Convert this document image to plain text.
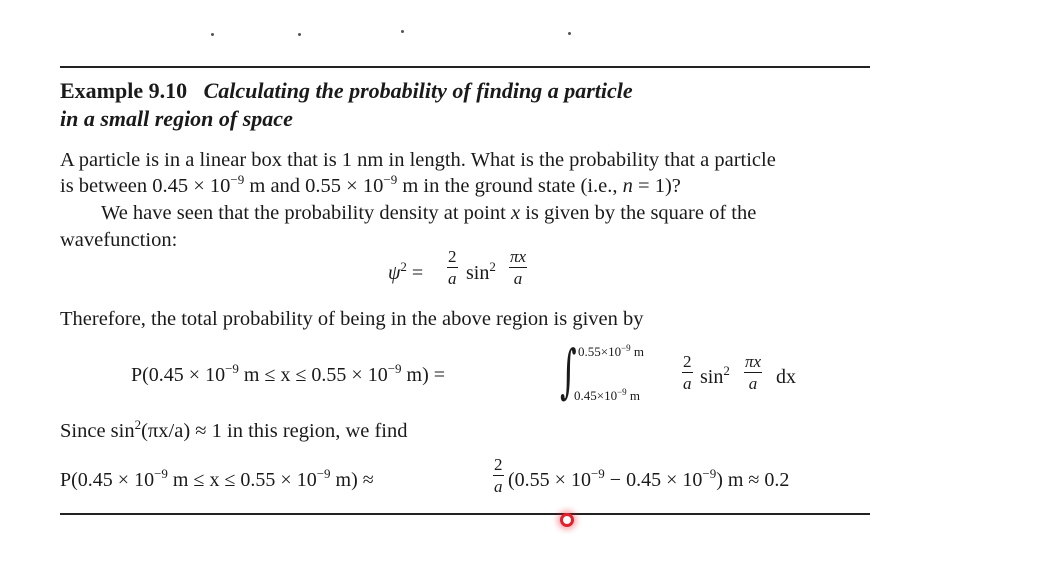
Example 9.10 Calculating the probability of finding a particle
in a small region of space
A particle is in a linear box that is 1 nm in length. What is the probability that a particle
is between $0.45 \times 10^{-9}$ m and $0.55 \times 10^{-9}$ m in the ground state (i.e., n = 1)?
We have seen that the probability density at point x is given by the square of the
wavefunction:
$\psi^2$ =
2
a $\sin^2$
πx
a
Therefore, the total probability of being in the above region is given by
$P(0.45 \times 10^{-9}$ $m \le x \le 0.55 \times 10^{-9}$ m) = ∫ $0.55\times 10^{-9}$ m
$0.45\times 10^{-9}$ m
2
a $\sin^2 \pi x$
a dx
Since $\sin^2(\pi x/a) \approx 1$ in this region, we find
$P(0.45 \times 10^{-9}$ $m \le x \le 0.55 \times 10^{-9}$ m) ≈
2
a $(0.55 \times 10^{-9} - 0.45 \times 10^{-9})$ m ≈ 0.2
